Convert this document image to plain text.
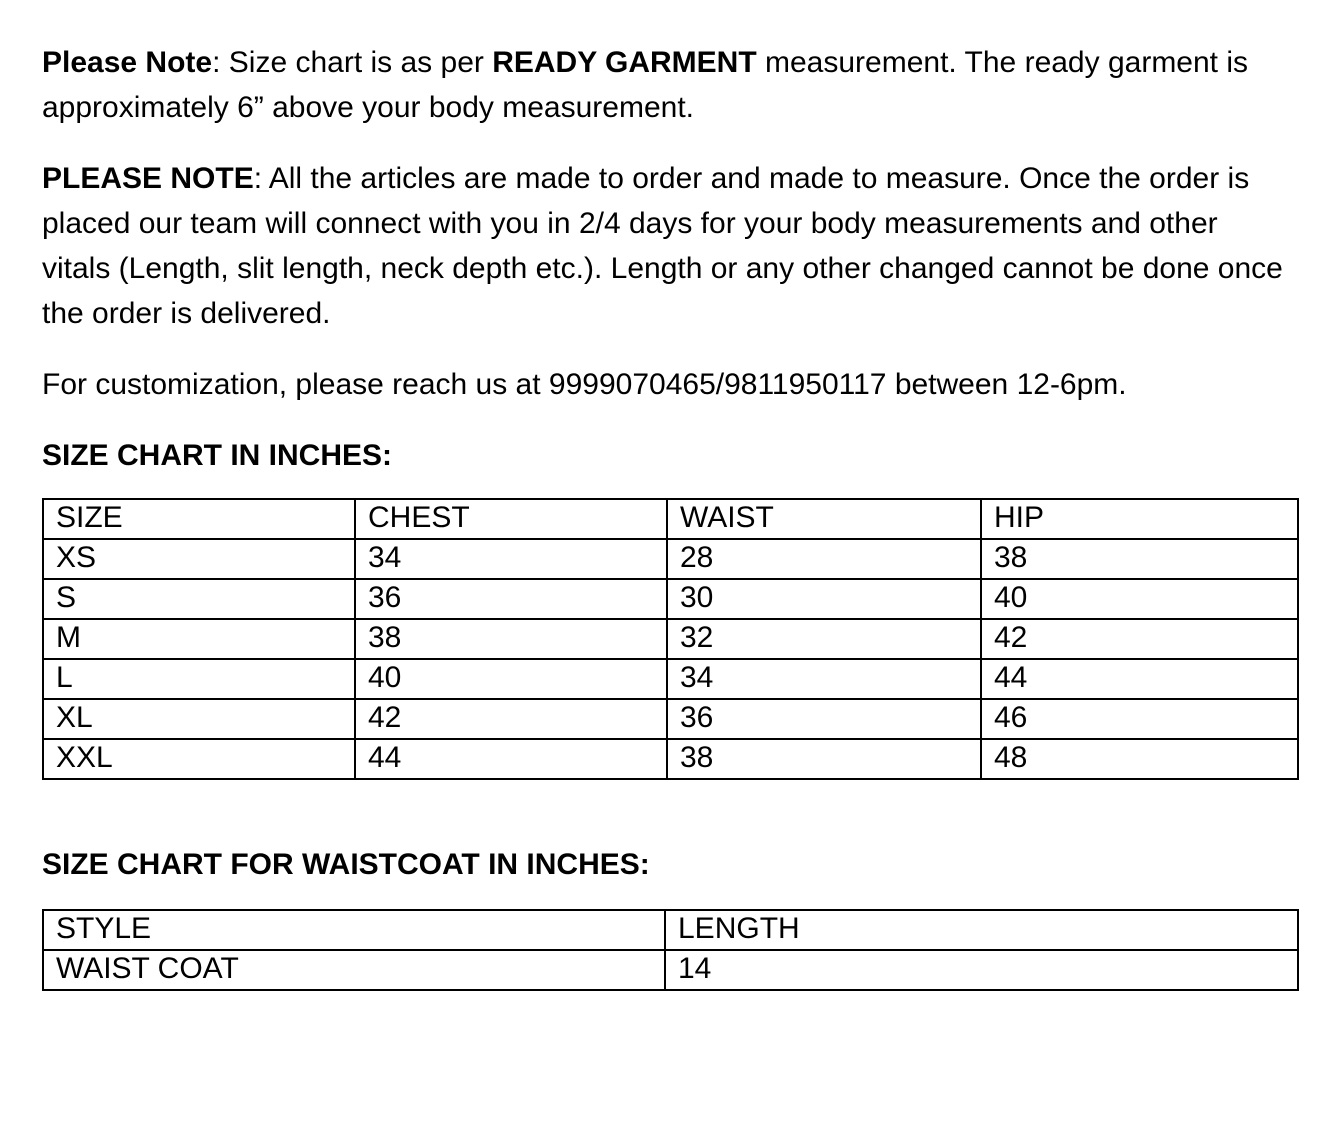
Please Note: Size chart is as per READY GARMENT measurement. The ready garment is approximately 6” above your body measurement.

PLEASE NOTE: All the articles are made to order and made to measure. Once the order is placed our team will connect with you in 2/4 days for your body measurements and other vitals (Length, slit length, neck depth etc.). Length or any other changed cannot be done once the order is delivered.

For customization, please reach us at 9999070465/9811950117 between 12-6pm.

SIZE CHART IN INCHES:
SIZE	CHEST	WAIST	HIP
XS	34	28	38
S	36	30	40
M	38	32	42
L	40	34	44
XL	42	36	46
XXL	44	38	48
SIZE CHART FOR WAISTCOAT IN INCHES:
STYLE	LENGTH
WAIST COAT	14
